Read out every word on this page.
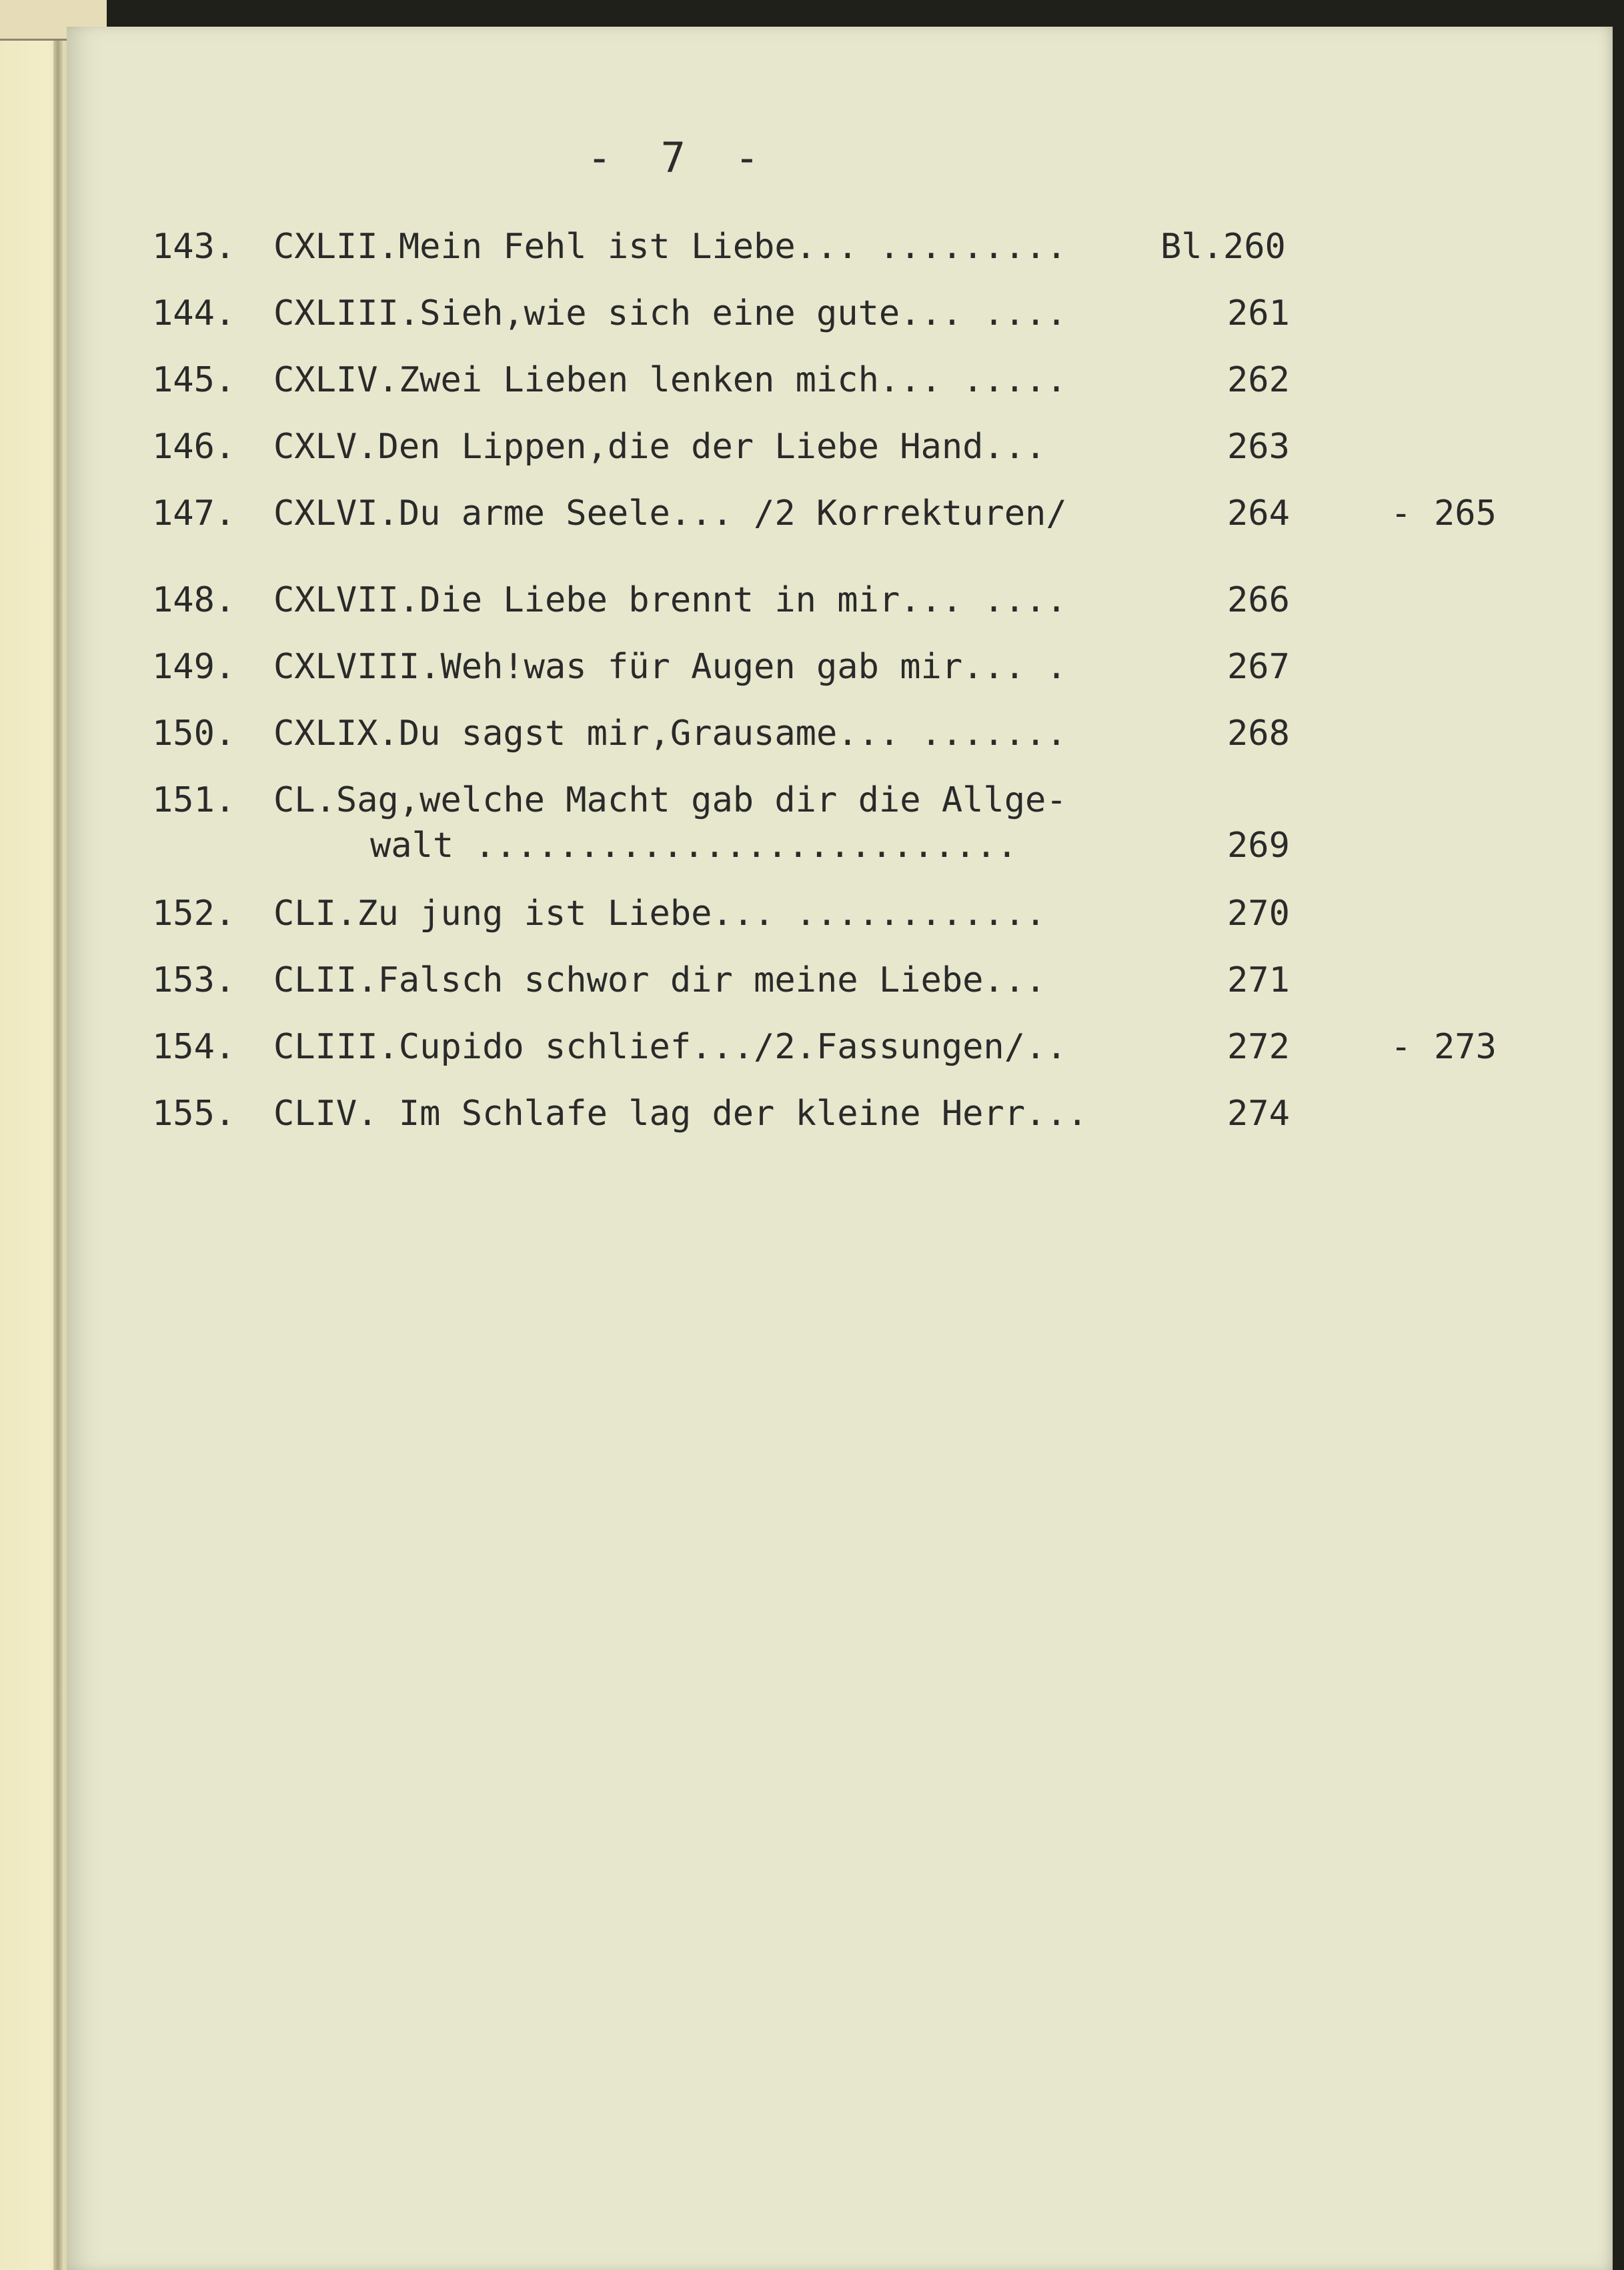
- 7 -
143. CXLII.Mein Fehl ist Liebe... .........	Bl.260
144. CXLIII.Sieh,wie sich eine gute... ....	261
145. CXLIV.Zwei Lieben lenken mich... .....	262
146. CXLV.Den Lippen,die der Liebe Hand...	263
147. CXLVI.Du arme Seele... /2 Korrekturen/	264	- 265
148. CXLVII.Die Liebe brennt in mir... ....	266
149. CXLVIII.Weh!was für Augen gab mir... .	267
150. CXLIX.Du sagst mir,Grausame... .......	268
151. CL.Sag,welche Macht gab dir die Allge-
walt ..........................	269
152. CLI.Zu jung ist Liebe... ............	270
153. CLII.Falsch schwor dir meine Liebe...	271
154. CLIII.Cupido schlief.../2.Fassungen/..	272	- 273
155. CLIV. Im Schlafe lag der kleine Herr...	274
